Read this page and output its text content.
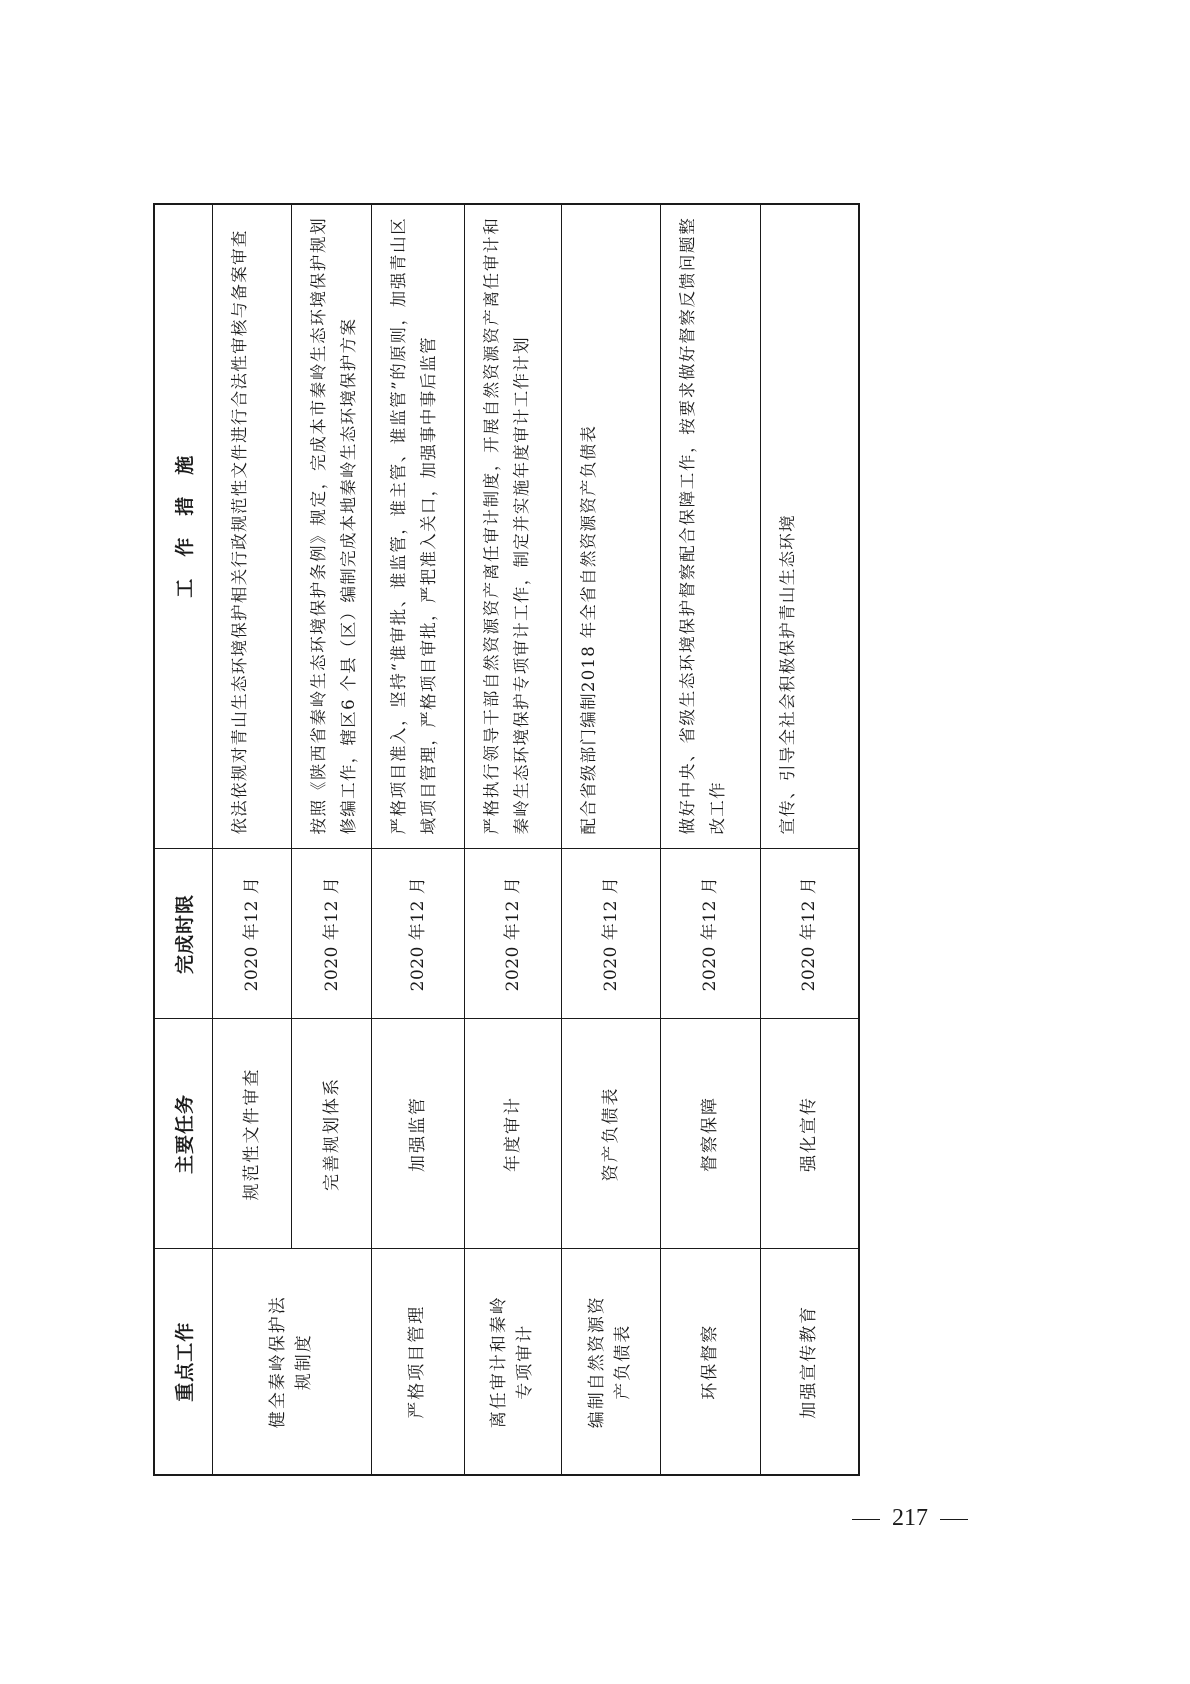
重点工作	主要任务	完成时限	工作措施
健全秦岭保护法规制度	规范性文件审查	2020 年12 月	依法依规对青山生态环境保护相关行政规范性文件进行合法性审核与备案审查
	完善规划体系	2020 年12 月	按照《陕西省秦岭生态环境保护条例》规定，完成本市秦岭生态环境保护规划修编工作，辖区6 个县（区）编制完成本地秦岭生态环境保护方案
严格项目管理	加强监管	2020 年12 月	严格项目准入，坚持“谁审批、谁监管，谁主管、谁监管”的原则，加强青山区域项目管理，严格项目审批，严把准入关口，加强事中事后监管
离任审计和秦岭专项审计	年度审计	2020 年12 月	严格执行领导干部自然资源资产离任审计制度，开展自然资源资产离任审计和秦岭生态环境保护专项审计工作，制定并实施年度审计工作计划
编制自然资源资产负债表	资产负债表	2020 年12 月	配合省级部门编制2018 年全省自然资源资产负债表
环保督察	督察保障	2020 年12 月	做好中央、省级生态环境保护督察配合保障工作，按要求做好督察反馈问题整改工作
加强宣传教育	强化宣传	2020 年12 月	宣传、引导全社会积极保护青山生态环境
217
